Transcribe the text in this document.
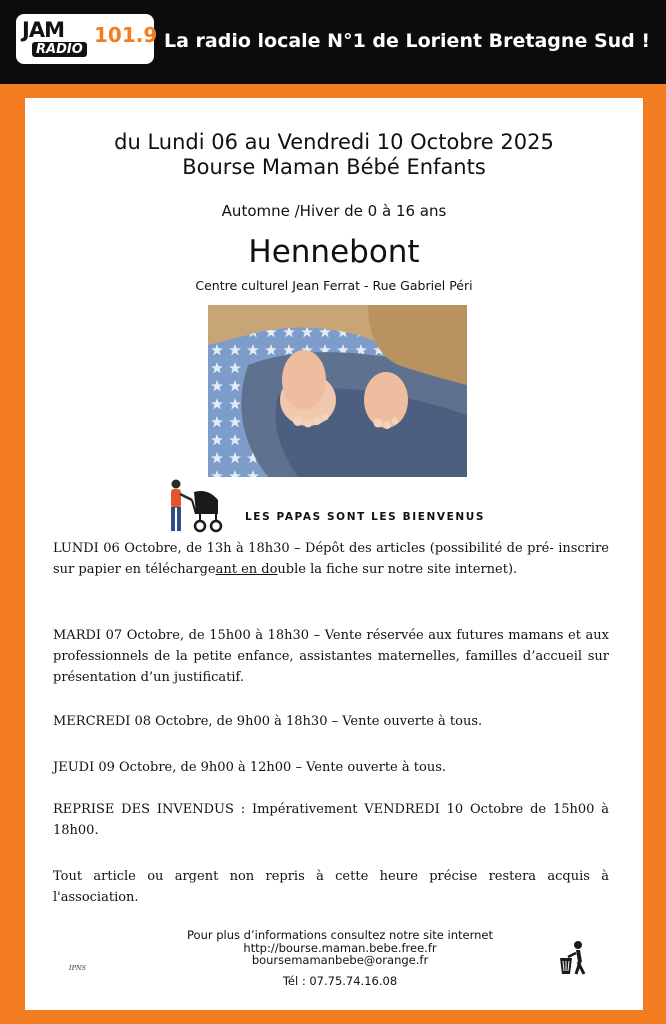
JAM
RADIO
101.9 La radio locale N°1 de Lorient Bretagne Sud !
du Lundi 06 au Vendredi 10 Octobre 2025
Bourse Maman Bébé Enfants
Automne /Hiver de 0 à 16 ans
Hennebont
Centre culturel Jean Ferrat - Rue Gabriel Péri
LES PAPAS SONT LES BIENVENUS
LUNDI 06 Octobre, de 13h à 18h30 – Dépôt des articles (possibilité de pré- inscrire sur papier en téléchargeant en double la fiche sur notre site internet).
MARDI 07 Octobre, de 15h00 à 18h30 – Vente réservée aux futures mamans et aux professionnels de la petite enfance, assistantes maternelles, familles d’accueil sur présentation d’un justificatif.
MERCREDI 08 Octobre, de 9h00 à 18h30 – Vente ouverte à tous.
JEUDI 09 Octobre, de 9h00 à 12h00 – Vente ouverte à tous.
REPRISE DES INVENDUS : Impérativement VENDREDI 10 Octobre de 15h00 à 18h00.
Tout article ou argent non repris à cette heure précise restera acquis à l'association.
Pour plus d’informations consultez notre site internet
http://bourse.maman.bebe.free.fr
boursemamanbebe@orange.fr
Tél : 07.75.74.16.08
IPNS
